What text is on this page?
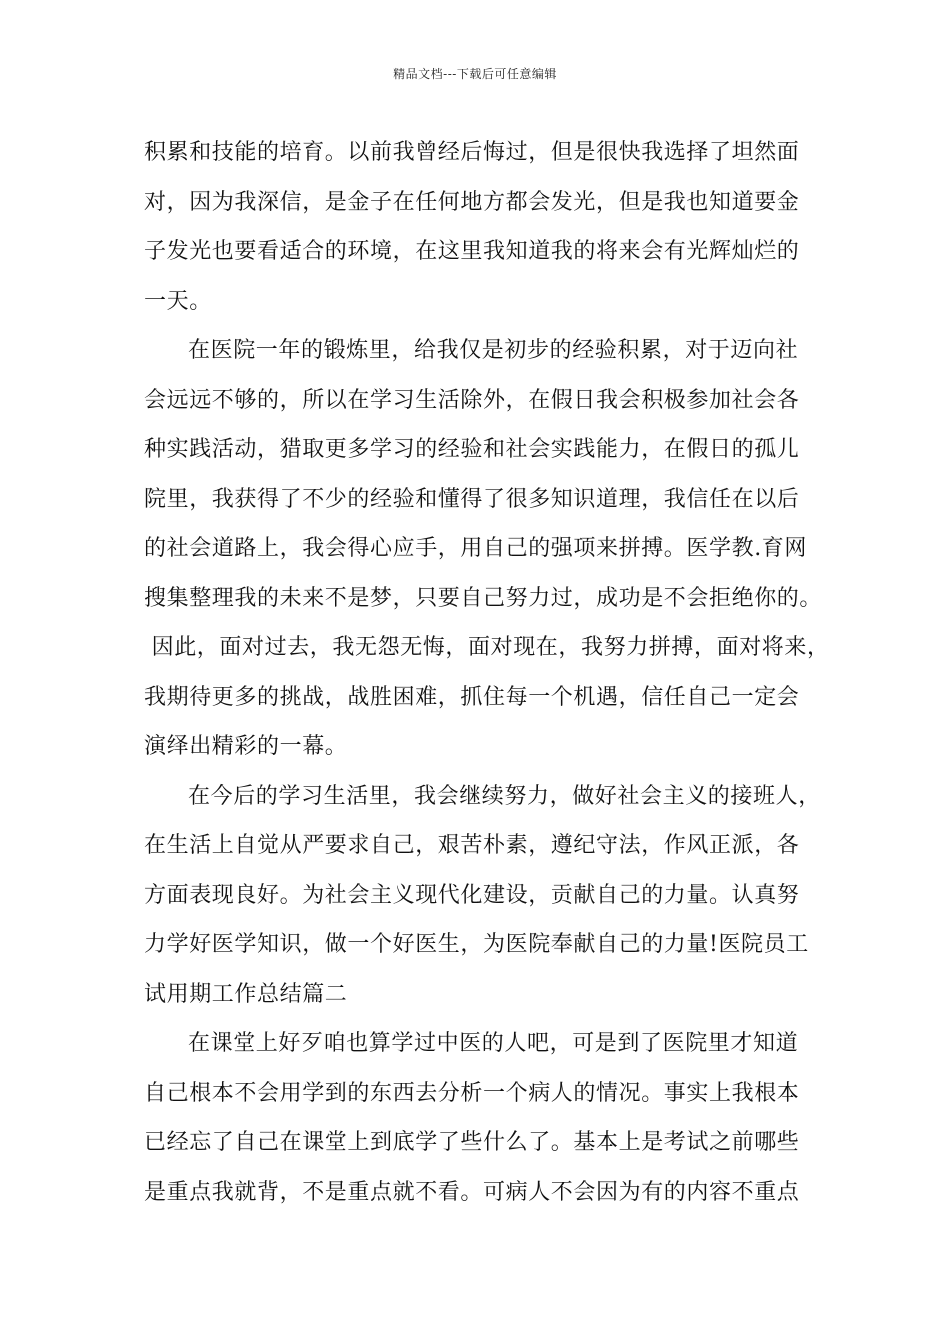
精品文档---下载后可任意编辑
积累和技能的培育。以前我曾经后悔过，但是很快我选择了坦然面
对，因为我深信，是金子在任何地方都会发光，但是我也知道要金
子发光也要看适合的环境，在这里我知道我的将来会有光辉灿烂的
一天。
在医院一年的锻炼里，给我仅是初步的经验积累，对于迈向社
会远远不够的，所以在学习生活除外，在假日我会积极参加社会各
种实践活动，猎取更多学习的经验和社会实践能力，在假日的孤儿
院里，我获得了不少的经验和懂得了很多知识道理，我信任在以后
的社会道路上，我会得心应手，用自己的强项来拼搏。医学教.育网
搜集整理我的未来不是梦，只要自己努力过，成功是不会拒绝你的。
因此，面对过去，我无怨无悔，面对现在，我努力拼搏，面对将来，
我期待更多的挑战，战胜困难，抓住每一个机遇，信任自己一定会
演绎出精彩的一幕。
在今后的学习生活里，我会继续努力，做好社会主义的接班人，
在生活上自觉从严要求自己，艰苦朴素，遵纪守法，作风正派，各
方面表现良好。为社会主义现代化建设，贡献自己的力量。认真努
力学好医学知识，做一个好医生，为医院奉献自己的力量!医院员工
试用期工作总结篇二
在课堂上好歹咱也算学过中医的人吧，可是到了医院里才知道
自己根本不会用学到的东西去分析一个病人的情况。事实上我根本
已经忘了自己在课堂上到底学了些什么了。基本上是考试之前哪些
是重点我就背，不是重点就不看。可病人不会因为有的内容不重点
